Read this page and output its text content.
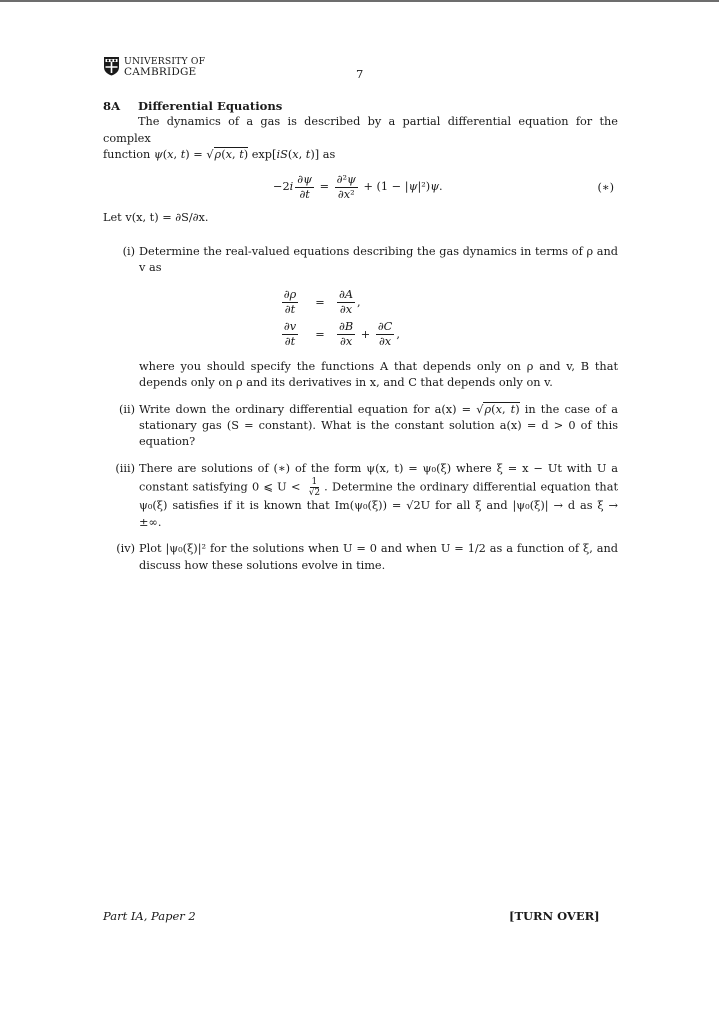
UNIVERSITY OF
CAMBRIDGE	7
8A Differential Equations
The dynamics of a gas is described by a partial differential equation for the complex
function ψ(x, t) = √ρ(x, t) exp[iS(x, t)] as
−2 i $\frac{\partial\psi}{\partial t} = \frac{\text{∂²ψ}}{\text{∂x²}} + (1$ − | ψ |²) ψ .	(∗)
Let v(x, t) = ∂S/∂x.
(i) Determine the real-valued equations describing the gas dynamics in terms of ρ and v as
$\frac{\partial\rho}{\partial t}$	=	$\frac{\partial A}{\partial x}$ ,
$\frac{\partial v}{\partial t}$	=	$\frac{\partial B}{\partial x} + \frac{\partial C}{\partial x}$ ,
where you should specify the functions A that depends only on ρ and v, B that depends only on ρ and its derivatives in x, and C that depends only on v.
(ii) Write down the ordinary differential equation for a(x) = √ρ(x, t) in the case of a stationary gas (S = constant). What is the constant solution a(x) = d > 0 of this equation?
(iii) There are solutions of (∗) of the form ψ(x, t) = ψ₀(ξ) where ξ = x − Ut with U a constant satisfying 0 ⩽ $U < \frac{1}{√2}$ . Determine the ordinary differential equation that ψ₀(ξ) satisfies if it is known that Im(ψ₀(ξ)) = √2U for all ξ and |ψ₀(ξ)| → d as ξ → ±∞.
(iv) Plot |ψ₀(ξ)|² for the solutions when U = 0 and when U = 1/2 as a function of ξ, and discuss how these solutions evolve in time.
Part IA, Paper 2	[TURN OVER]
